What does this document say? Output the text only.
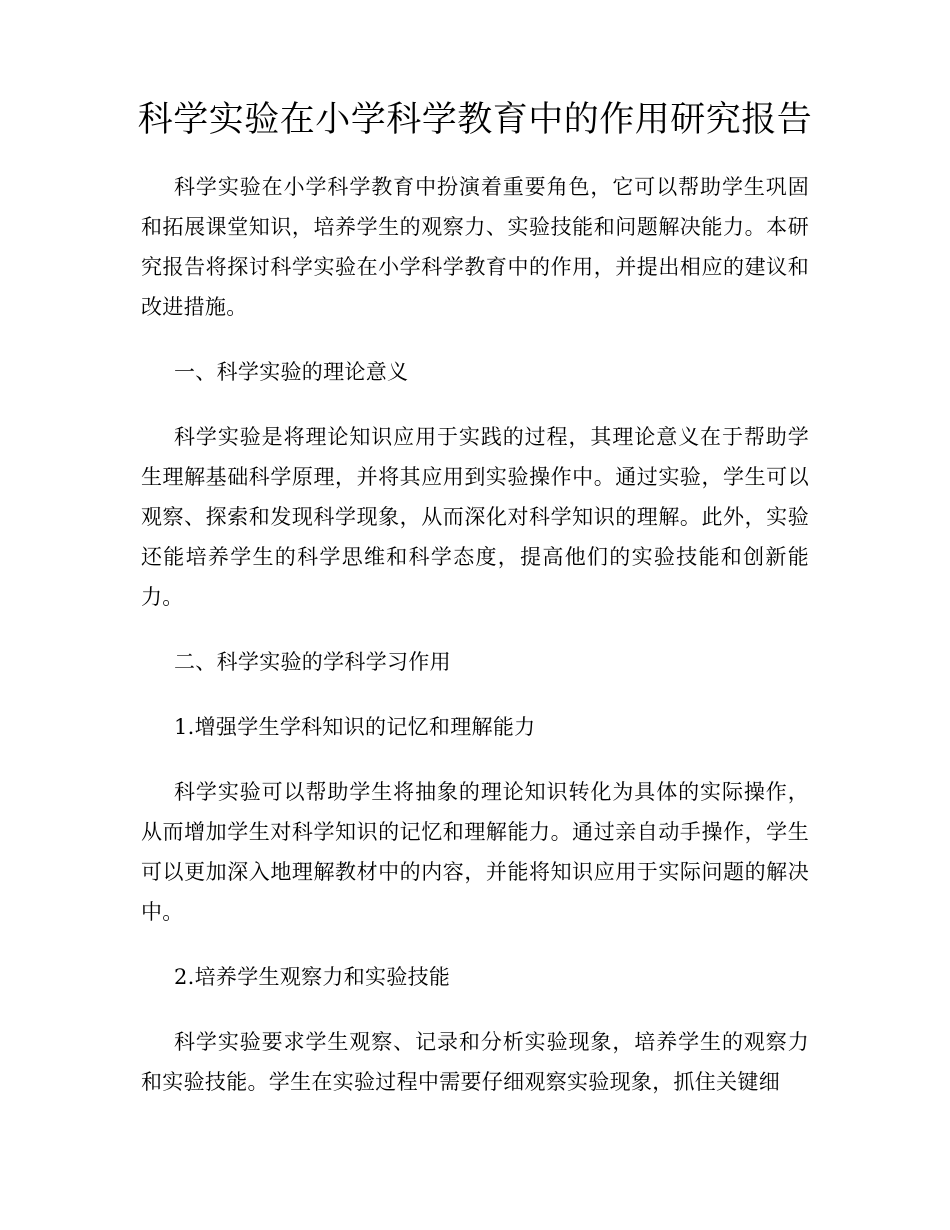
科学实验在小学科学教育中的作用研究报告

科学实验在小学科学教育中扮演着重要角色，它可以帮助学生巩固和拓展课堂知识，培养学生的观察力、实验技能和问题解决能力。本研究报告将探讨科学实验在小学科学教育中的作用，并提出相应的建议和改进措施。

一、科学实验的理论意义

科学实验是将理论知识应用于实践的过程，其理论意义在于帮助学生理解基础科学原理，并将其应用到实验操作中。通过实验，学生可以观察、探索和发现科学现象，从而深化对科学知识的理解。此外，实验还能培养学生的科学思维和科学态度，提高他们的实验技能和创新能力。

二、科学实验的学科学习作用

1.增强学生学科知识的记忆和理解能力

科学实验可以帮助学生将抽象的理论知识转化为具体的实际操作，从而增加学生对科学知识的记忆和理解能力。通过亲自动手操作，学生可以更加深入地理解教材中的内容，并能将知识应用于实际问题的解决中。

2.培养学生观察力和实验技能

科学实验要求学生观察、记录和分析实验现象，培养学生的观察力和实验技能。学生在实验过程中需要仔细观察实验现象，抓住关键细
